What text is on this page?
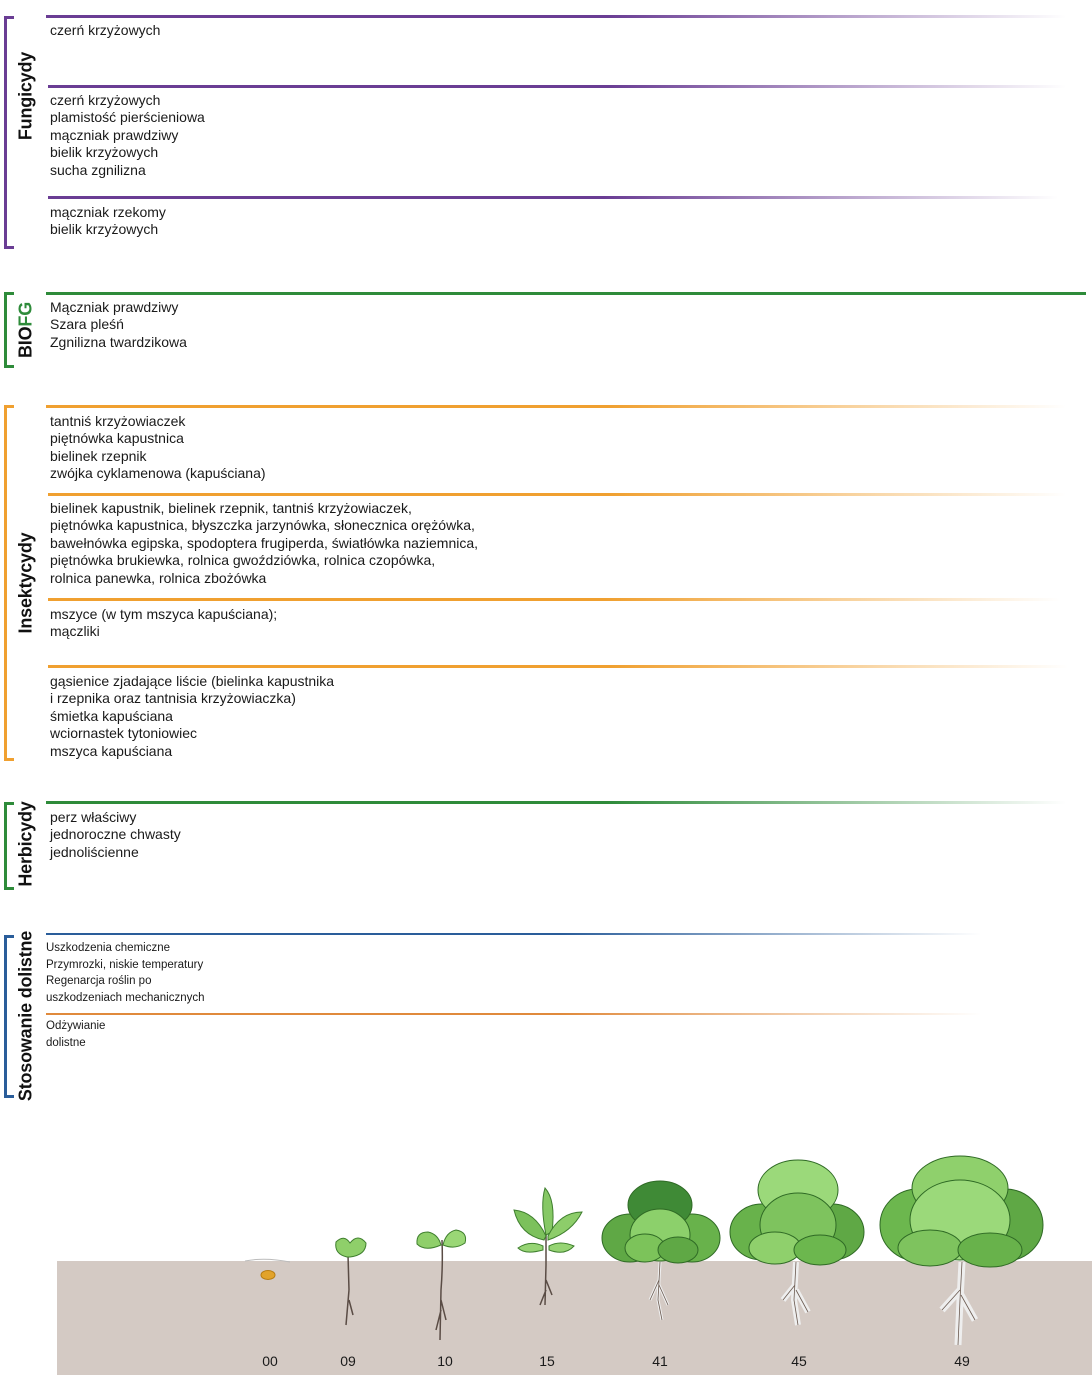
Fungicydy
czerń krzyżowych
czerń krzyżowych
plamistość pierścieniowa
mączniak prawdziwy
bielik krzyżowych
sucha zgnilizna
mączniak rzekomy
bielik krzyżowych
BIOFG Mączniak prawdziwy
Szara pleśń
Zgnilizna twardzikowa
Insektycydy
tantniś krzyżowiaczek
piętnówka kapustnica
bielinek rzepnik
zwójka cyklamenowa (kapuściana)
bielinek kapustnik, bielinek rzepnik, tantniś krzyżowiaczek,
piętnówka kapustnica, błyszczka jarzynówka, słonecznica orężówka,
bawełnówka egipska, spodoptera frugiperda, światłówka naziemnica,
piętnówka brukiewka, rolnica gwoździówka, rolnica czopówka,
rolnica panewka, rolnica zbożówka
mszyce (w tym mszyca kapuściana);
mączliki
gąsienice zjadające liście (bielinka kapustnika
i rzepnika oraz tantnisia krzyżowiaczka)
śmietka kapuściana
wciornastek tytoniowiec
mszyca kapuściana
Herbicydy perz właściwy
jednoroczne chwasty
jednoliścienne
Stosowanie dolistne Uszkodzenia chemiczne
Przymrozki, niskie temperatury
Regenarcja roślin po
uszkodzeniach mechanicznych
Odżywianie
dolistne
00	09	10	15	41	45	49
